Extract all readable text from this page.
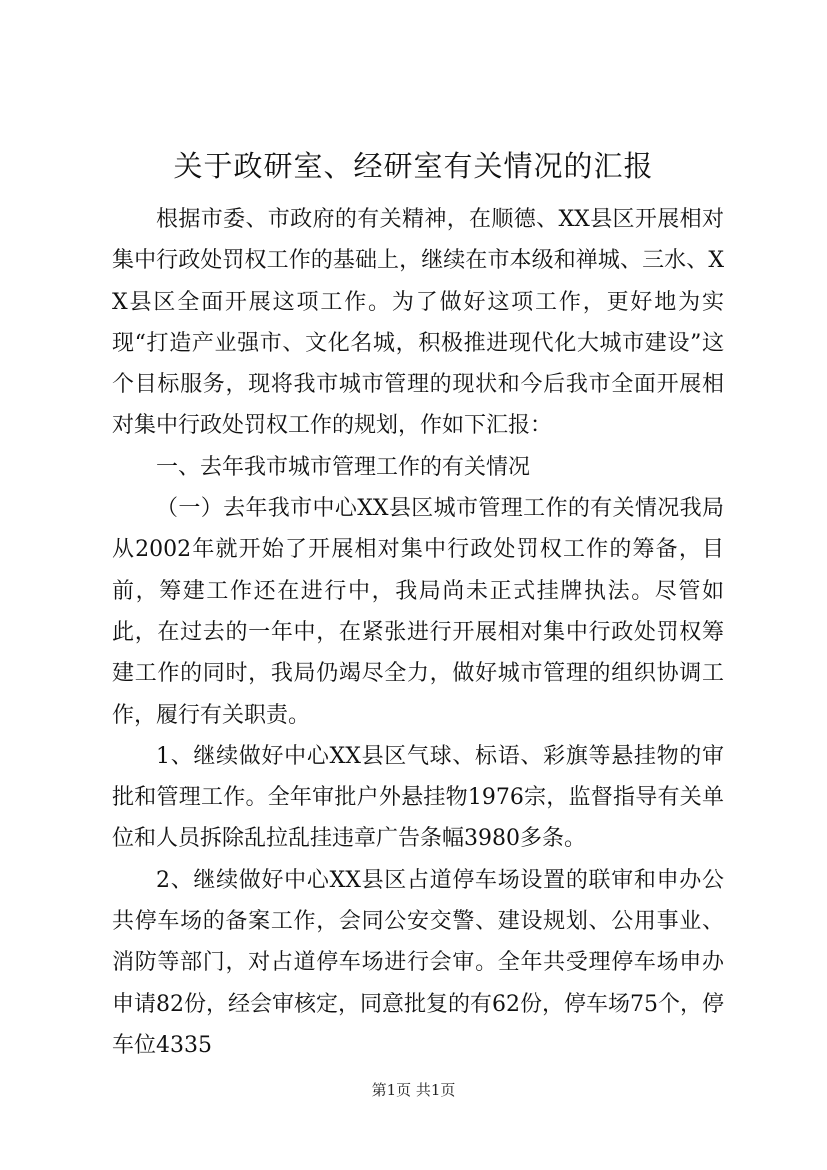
关于政研室、经研室有关情况的汇报

根据市委、市政府的有关精神，在顺德、XX县区开展相对集中行政处罚权工作的基础上，继续在市本级和禅城、三水、XX县区全面开展这项工作。为了做好这项工作，更好地为实现“打造产业强市、文化名城，积极推进现代化大城市建设”这个目标服务，现将我市城市管理的现状和今后我市全面开展相对集中行政处罚权工作的规划，作如下汇报：

一、去年我市城市管理工作的有关情况

（一）去年我市中心XX县区城市管理工作的有关情况我局从2002年就开始了开展相对集中行政处罚权工作的筹备，目前，筹建工作还在进行中，我局尚未正式挂牌执法。尽管如此，在过去的一年中，在紧张进行开展相对集中行政处罚权筹建工作的同时，我局仍竭尽全力，做好城市管理的组织协调工作，履行有关职责。

1、继续做好中心XX县区气球、标语、彩旗等悬挂物的审批和管理工作。全年审批户外悬挂物1976宗，监督指导有关单位和人员拆除乱拉乱挂违章广告条幅3980多条。

2、继续做好中心XX县区占道停车场设置的联审和申办公共停车场的备案工作，会同公安交警、建设规划、公用事业、消防等部门，对占道停车场进行会审。全年共受理停车场申办申请82份，经会审核定，同意批复的有62份，停车场75个，停车位4335

第1页 共1页
